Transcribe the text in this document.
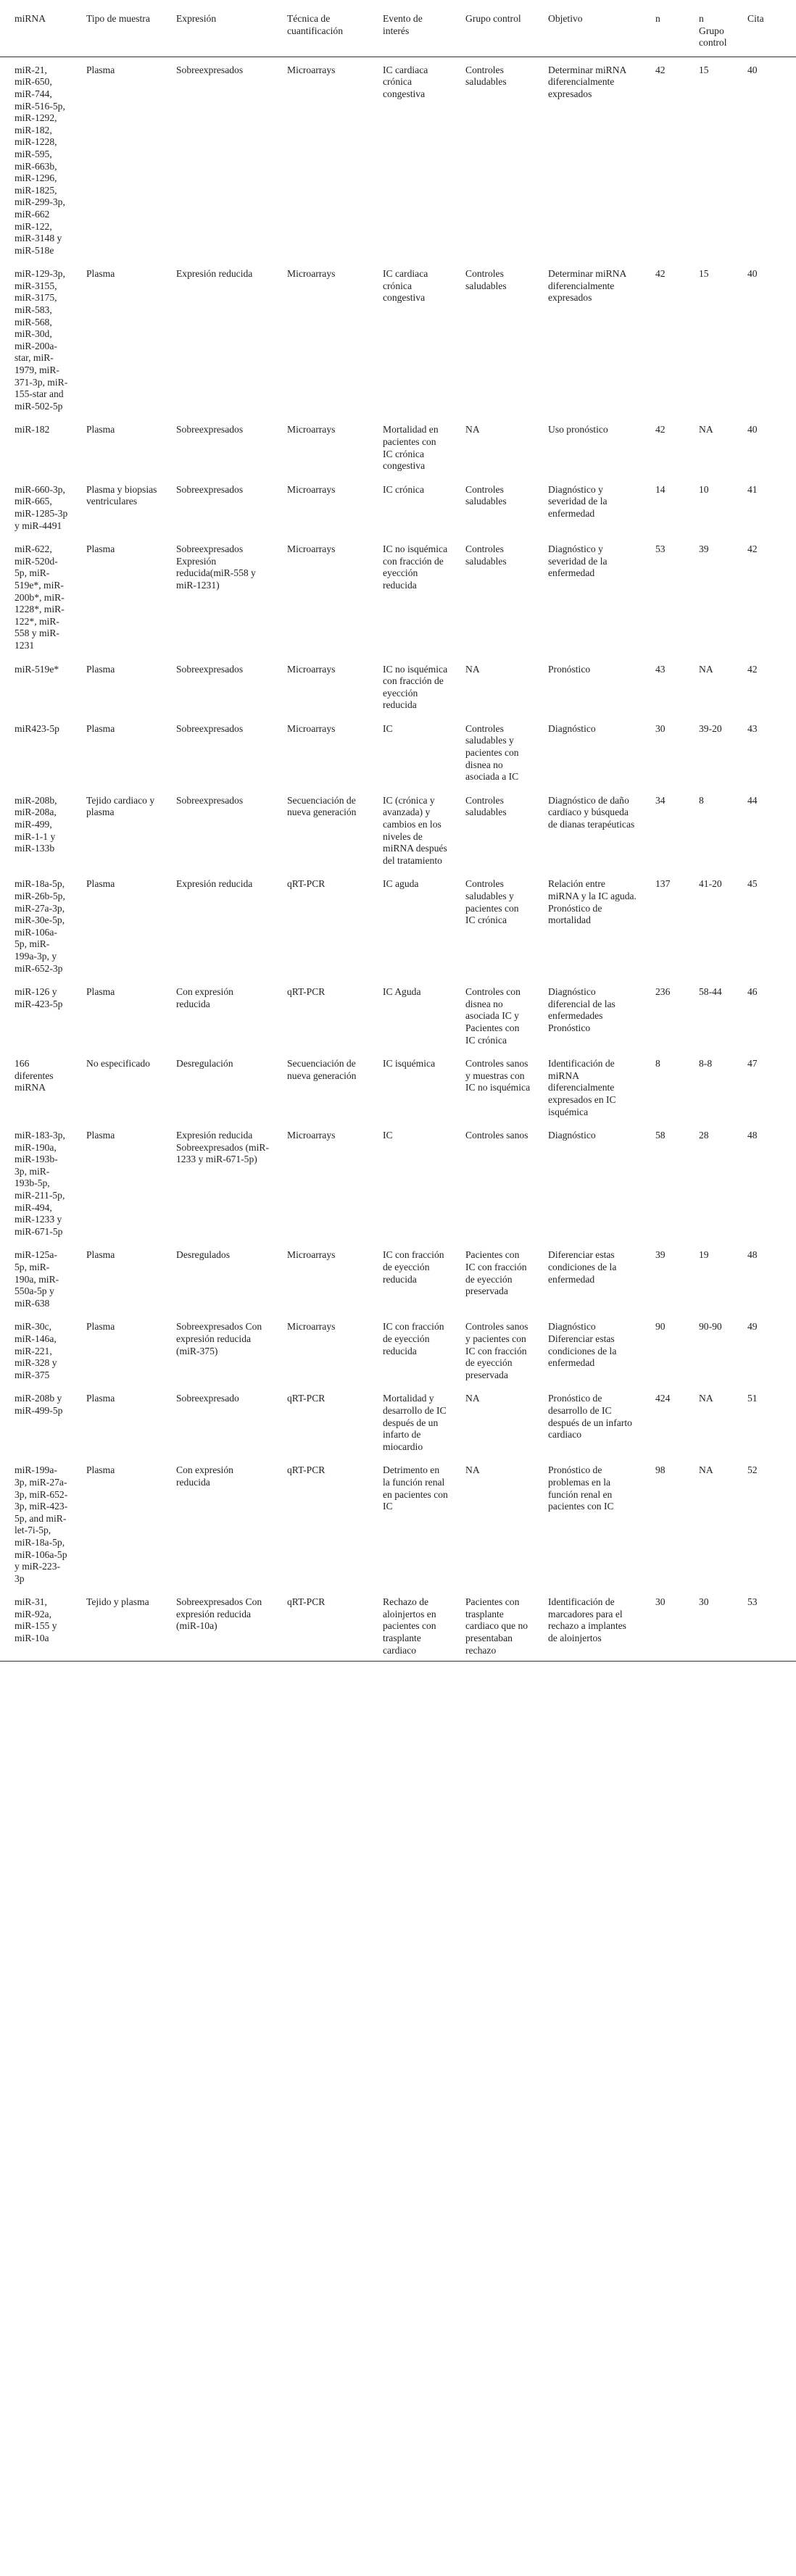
miRNA	Tipo de muestra	Expresión	Técnica de cuantificación	Evento de interés	Grupo control	Objetivo	n	n Grupo control	Cita
miR-21, miR-650, miR-744, miR-516-5p, miR-1292, miR-182, miR-1228, miR-595, miR-663b, miR-1296, miR-1825, miR-299-3p, miR-662 miR-122, miR-3148 y miR-518e	Plasma	Sobreexpresados	Microarrays	IC cardiaca crónica congestiva	Controles saludables	Determinar miRNA diferencialmente expresados	42	15	40
miR-129-3p, miR-3155, miR-3175, miR-583, miR-568, miR-30d, miR-200a-star, miR-1979, miR-371-3p, miR-155-star and miR-502-5p	Plasma	Expresión reducida	Microarrays	IC cardiaca crónica congestiva	Controles saludables	Determinar miRNA diferencialmente expresados	42	15	40
miR-182	Plasma	Sobreexpresados	Microarrays	Mortalidad en pacientes con IC crónica congestiva	NA	Uso pronóstico	42	NA	40
miR-660-3p, miR-665, miR-1285-3p y miR-4491	Plasma y biopsias ventriculares	Sobreexpresados	Microarrays	IC crónica	Controles saludables	Diagnóstico y severidad de la enfermedad	14	10	41
miR-622, miR-520d-5p, miR-519e*, miR-200b*, miR-1228*, miR-122*, miR-558 y miR-1231	Plasma	Sobreexpresados Expresión reducida(miR-558 y miR-1231)	Microarrays	IC no isquémica con fracción de eyección reducida	Controles saludables	Diagnóstico y severidad de la enfermedad	53	39	42
miR-519e*	Plasma	Sobreexpresados	Microarrays	IC no isquémica con fracción de eyección reducida	NA	Pronóstico	43	NA	42
miR423-5p	Plasma	Sobreexpresados	Microarrays	IC	Controles saludables y pacientes con disnea no asociada a IC	Diagnóstico	30	39-20	43
miR-208b, miR-208a, miR-499, miR-1-1 y miR-133b	Tejido cardiaco y plasma	Sobreexpresados	Secuenciación de nueva generación	IC (crónica y avanzada) y cambios en los niveles de miRNA después del tratamiento	Controles saludables	Diagnóstico de daño cardiaco y búsqueda de dianas terapéuticas	34	8	44
miR-18a-5p, miR-26b-5p, miR-27a-3p, miR-30e-5p, miR-106a-5p, miR-199a-3p, y miR-652-3p	Plasma	Expresión reducida	qRT-PCR	IC aguda	Controles saludables y pacientes con IC crónica	Relación entre miRNA y la IC aguda. Pronóstico de mortalidad	137	41-20	45
miR-126 y miR-423-5p	Plasma	Con expresión reducida	qRT-PCR	IC Aguda	Controles con disnea no asociada IC y Pacientes con IC crónica	Diagnóstico diferencial de las enfermedades Pronóstico	236	58-44	46
166 diferentes miRNA	No especificado	Desregulación	Secuenciación de nueva generación	IC isquémica	Controles sanos y muestras con IC no isquémica	Identificación de miRNA diferencialmente expresados en IC isquémica	8	8-8	47
miR-183-3p, miR-190a, miR-193b-3p, miR-193b-5p, miR-211-5p, miR-494, miR-1233 y miR-671-5p	Plasma	Expresión reducida Sobreexpresados (miR-1233 y miR-671-5p)	Microarrays	IC	Controles sanos	Diagnóstico	58	28	48
miR-125a-5p, miR-190a, miR-550a-5p y miR-638	Plasma	Desregulados	Microarrays	IC con fracción de eyección reducida	Pacientes con IC con fracción de eyección preservada	Diferenciar estas condiciones de la enfermedad	39	19	48
miR-30c, miR-146a, miR-221, miR-328 y miR-375	Plasma	Sobreexpresados Con expresión reducida (miR-375)	Microarrays	IC con fracción de eyección reducida	Controles sanos y pacientes con IC con fracción de eyección preservada	Diagnóstico Diferenciar estas condiciones de la enfermedad	90	90-90	49
miR-208b y miR-499-5p	Plasma	Sobreexpresado	qRT-PCR	Mortalidad y desarrollo de IC después de un infarto de miocardio	NA	Pronóstico de desarrollo de IC después de un infarto cardiaco	424	NA	51
miR-199a-3p, miR-27a-3p, miR-652-3p, miR-423-5p, and miR-let-7i-5p, miR-18a-5p, miR-106a-5p y miR-223-3p	Plasma	Con expresión reducida	qRT-PCR	Detrimento en la función renal en pacientes con IC	NA	Pronóstico de problemas en la función renal en pacientes con IC	98	NA	52
miR-31, miR-92a, miR-155 y miR-10a	Tejido y plasma	Sobreexpresados Con expresión reducida (miR-10a)	qRT-PCR	Rechazo de aloinjertos en pacientes con trasplante cardiaco	Pacientes con trasplante cardiaco que no presentaban rechazo	Identificación de marcadores para el rechazo a implantes de aloinjertos	30	30	53
